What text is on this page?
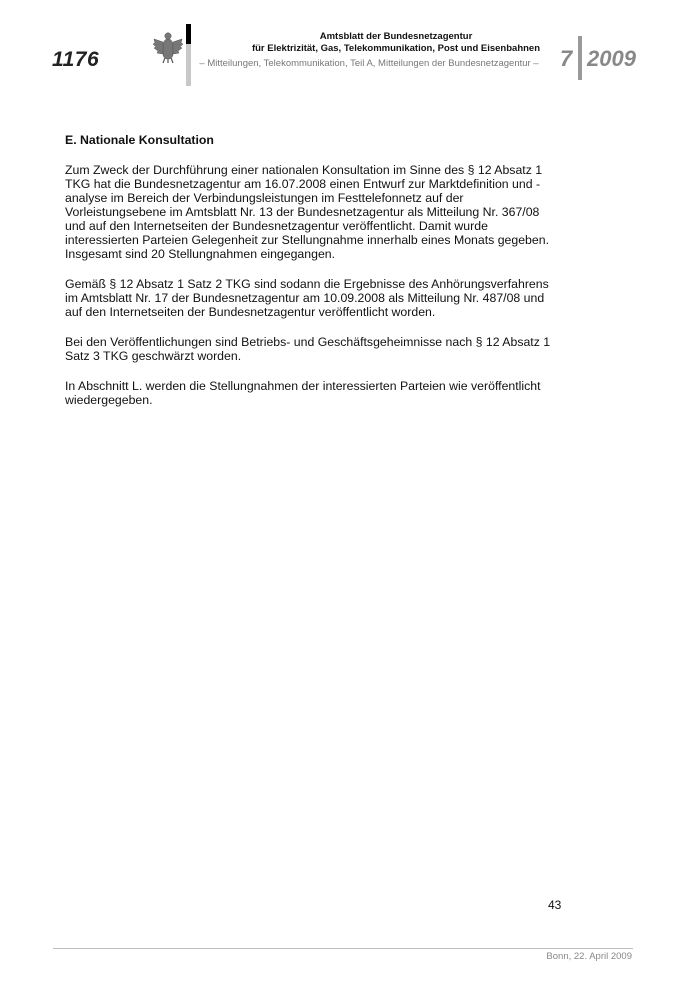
1176
Amtsblatt der Bundesnetzagentur
für Elektrizität, Gas, Telekommunikation, Post und Eisenbahnen
– Mitteilungen, Telekommunikation, Teil A, Mitteilungen der Bundesnetzagentur – 7 2009
E. Nationale Konsultation

Zum Zweck der Durchführung einer nationalen Konsultation im Sinne des § 12 Absatz 1 TKG hat die Bundesnetzagentur am 16.07.2008 einen Entwurf zur Marktdefinition und -analyse im Bereich der Verbindungsleistungen im Festtelefonnetz auf der Vorleistungsebene im Amtsblatt Nr. 13 der Bundesnetzagentur als Mitteilung Nr. 367/08 und auf den Internetseiten der Bundesnetzagentur veröffentlicht. Damit wurde interessierten Parteien Gelegenheit zur Stellungnahme innerhalb eines Monats gegeben. Insgesamt sind 20 Stellungnahmen eingegangen.

Gemäß § 12 Absatz 1 Satz 2 TKG sind sodann die Ergebnisse des Anhörungsverfahrens im Amtsblatt Nr. 17 der Bundesnetzagentur am 10.09.2008 als Mitteilung Nr. 487/08 und auf den Internetseiten der Bundesnetzagentur veröffentlicht worden.

Bei den Veröffentlichungen sind Betriebs- und Geschäftsgeheimnisse nach § 12 Absatz 1 Satz 3 TKG geschwärzt worden.

In Abschnitt L. werden die Stellungnahmen der interessierten Parteien wie veröffentlicht wiedergegeben.

43
Bonn, 22. April 2009
